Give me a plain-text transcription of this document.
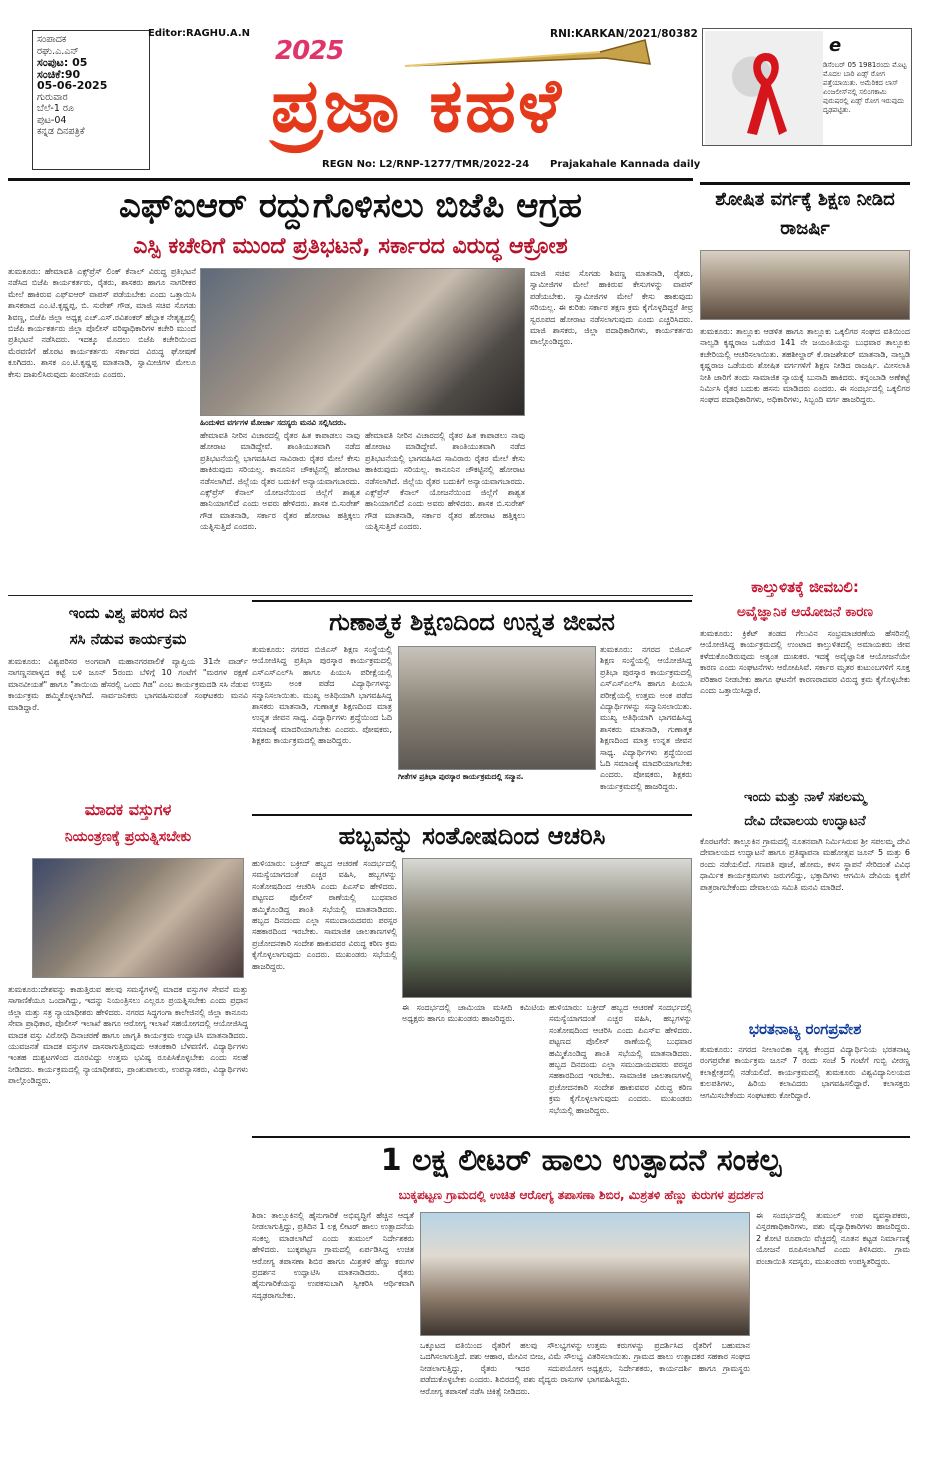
ಸಂಪಾದಕ
ರಘು.ಎ.ಎನ್
ಸಂಪುಟ: 05
ಸಂಚಿಕೆ:90
05-06-2025
ಗುರುವಾರ
ಬೆಲೆ-1 ರೂ
ಪುಟ-04
ಕನ್ನಡ ದಿನಪತ್ರಿಕೆ
Editor:RAGHU.A.N
2025
RNI:KARKAN/2021/80382
ಪ್ರಜಾ ಕಹಳೆ
REGN No: L2/RNP-1277/TMR/2022-24 Prajakahale Kannada daily
e
ಡಿಸೆಂಬರ್ 05 1981ರಂದು ಮೊಟ್ಟ ಮೊದಲ ಬಾರಿ ಏಡ್ಸ್ ರೋಗ ಪತ್ತೆಯಾಯಿತು. ಅಮೆರಿಕದ ಲಾಸ್ ಏಂಜಲೀಸ್‌ನಲ್ಲಿ ಸಲಿಂಗಕಾಮಿ ಪುರುಷರಲ್ಲಿ ಏಡ್ಸ್ ರೋಗ ಇರುವುದು ದೃಢಪಟ್ಟಿತು.
ಎಫ್‌ಐಆರ್ ರದ್ದುಗೊಳಿಸಲು ಬಿಜೆಪಿ ಆಗ್ರಹ
ಎಸ್ಪಿ ಕಚೇರಿಗೆ ಮುಂದೆ ಪ್ರತಿಭಟನೆ, ಸರ್ಕಾರದ ವಿರುದ್ಧ ಆಕ್ರೋಶ
ತುಮಕೂರು: ಹೇಮಾವತಿ ಎಕ್ಸ್‌ಪ್ರೆಸ್ ಲಿಂಕ್ ಕೆನಾಲ್ ವಿರುದ್ಧ ಪ್ರತಿಭಟನೆ ನಡೆಸಿದ ಬಿಜೆಪಿ ಕಾರ್ಯಕರ್ತರು, ರೈತರು, ಶಾಸಕರು ಹಾಗೂ ನಾಗರೀಕರ ಮೇಲೆ ಹಾಕಿರುವ ಎಫ್‌ಐಆರ್ ವಾಪಸ್ ಪಡೆಯಬೇಕು ಎಂದು ಒತ್ತಾಯಿಸಿ ಶಾಸಕರಾದ ಎಂ.ಟಿ.ಕೃಷ್ಣಪ್ಪ, ಬಿ. ಸುರೇಶ್ ಗೌಡ, ಮಾಜಿ ಸಚಿವ ಸೊಗಡು ಶಿವಣ್ಣ, ಬಿಜೆಪಿ ಜಿಲ್ಲಾ ಅಧ್ಯಕ್ಷ ಎಚ್.ಎಸ್.ರವಿಶಂಕರ್ ಹೆಬ್ಬಾಕ ನೇತೃತ್ವದಲ್ಲಿ ಬಿಜೆಪಿ ಕಾರ್ಯಕರ್ತರು ಜಿಲ್ಲಾ ಪೊಲೀಸ್ ವರಿಷ್ಠಾಧಿಕಾರಿಗಳ ಕಚೇರಿ ಮುಂದೆ ಪ್ರತಿಭಟನೆ ನಡೆಸಿದರು. ಇದಕ್ಕೂ ಮೊದಲು ಬಿಜೆಪಿ ಕಚೇರಿಯಿಂದ ಮೆರವಣಿಗೆ ಹೊರಟ ಕಾರ್ಯಕರ್ತರು ಸರ್ಕಾರದ ವಿರುದ್ಧ ಘೋಷಣೆ ಕೂಗಿದರು. ಶಾಸಕ ಎಂ.ಟಿ.ಕೃಷ್ಣಪ್ಪ ಮಾತನಾಡಿ, ಸ್ವಾಮೀಜಿಗಳ ಮೇಲೂ ಕೇಸು ದಾಖಲಿಸಿರುವುದು ಖಂಡನೀಯ ಎಂದರು.
ಹಿಂದುಳಿದ ವರ್ಗಗಳ ಮೋರ್ಚಾ ಸದಸ್ಯರು ಮನವಿ ಸಲ್ಲಿಸಿದರು.
ಹೇಮಾವತಿ ನೀರಿನ ವಿಚಾರದಲ್ಲಿ ರೈತರ ಹಿತ ಕಾಪಾಡಲು ನಾವು ಹೋರಾಟ ಮಾಡಿದ್ದೇವೆ. ಶಾಂತಿಯುತವಾಗಿ ನಡೆದ ಪ್ರತಿಭಟನೆಯಲ್ಲಿ ಭಾಗವಹಿಸಿದ ಸಾವಿರಾರು ರೈತರ ಮೇಲೆ ಕೇಸು ಹಾಕಿರುವುದು ಸರಿಯಲ್ಲ. ಕಾನೂನಿನ ಚೌಕಟ್ಟಿನಲ್ಲಿ ಹೋರಾಟ ನಡೆಸಲಾಗಿದೆ. ಜಿಲ್ಲೆಯ ರೈತರ ಬದುಕಿಗೆ ಅನ್ಯಾಯವಾಗಬಾರದು. ಎಕ್ಸ್‌ಪ್ರೆಸ್ ಕೆನಾಲ್ ಯೋಜನೆಯಿಂದ ಜಿಲ್ಲೆಗೆ ಶಾಶ್ವತ ಹಾನಿಯಾಗಲಿದೆ ಎಂದು ಅವರು ಹೇಳಿದರು. ಶಾಸಕ ಬಿ.ಸುರೇಶ್ ಗೌಡ ಮಾತನಾಡಿ, ಸರ್ಕಾರ ರೈತರ ಹೋರಾಟ ಹತ್ತಿಕ್ಕಲು ಯತ್ನಿಸುತ್ತಿದೆ ಎಂದರು.
ಹೇಮಾವತಿ ನೀರಿನ ವಿಚಾರದಲ್ಲಿ ರೈತರ ಹಿತ ಕಾಪಾಡಲು ನಾವು ಹೋರಾಟ ಮಾಡಿದ್ದೇವೆ. ಶಾಂತಿಯುತವಾಗಿ ನಡೆದ ಪ್ರತಿಭಟನೆಯಲ್ಲಿ ಭಾಗವಹಿಸಿದ ಸಾವಿರಾರು ರೈತರ ಮೇಲೆ ಕೇಸು ಹಾಕಿರುವುದು ಸರಿಯಲ್ಲ. ಕಾನೂನಿನ ಚೌಕಟ್ಟಿನಲ್ಲಿ ಹೋರಾಟ ನಡೆಸಲಾಗಿದೆ. ಜಿಲ್ಲೆಯ ರೈತರ ಬದುಕಿಗೆ ಅನ್ಯಾಯವಾಗಬಾರದು. ಎಕ್ಸ್‌ಪ್ರೆಸ್ ಕೆನಾಲ್ ಯೋಜನೆಯಿಂದ ಜಿಲ್ಲೆಗೆ ಶಾಶ್ವತ ಹಾನಿಯಾಗಲಿದೆ ಎಂದು ಅವರು ಹೇಳಿದರು. ಶಾಸಕ ಬಿ.ಸುರೇಶ್ ಗೌಡ ಮಾತನಾಡಿ, ಸರ್ಕಾರ ರೈತರ ಹೋರಾಟ ಹತ್ತಿಕ್ಕಲು ಯತ್ನಿಸುತ್ತಿದೆ ಎಂದರು.
ಮಾಜಿ ಸಚಿವ ಸೊಗಡು ಶಿವಣ್ಣ ಮಾತನಾಡಿ, ರೈತರು, ಸ್ವಾಮೀಜಿಗಳ ಮೇಲೆ ಹಾಕಿರುವ ಕೇಸುಗಳನ್ನು ವಾಪಸ್ ಪಡೆಯಬೇಕು. ಸ್ವಾಮೀಜಿಗಳ ಮೇಲೆ ಕೇಸು ಹಾಕುವುದು ಸರಿಯಲ್ಲ. ಈ ಕುರಿತು ಸರ್ಕಾರ ತಕ್ಷಣ ಕ್ರಮ ಕೈಗೊಳ್ಳದಿದ್ದರೆ ತೀವ್ರ ಸ್ವರೂಪದ ಹೋರಾಟ ನಡೆಸಲಾಗುವುದು ಎಂದು ಎಚ್ಚರಿಸಿದರು. ಮಾಜಿ ಶಾಸಕರು, ಜಿಲ್ಲಾ ಪದಾಧಿಕಾರಿಗಳು, ಕಾರ್ಯಕರ್ತರು ಪಾಲ್ಗೊಂಡಿದ್ದರು.
ಶೋಷಿತ ವರ್ಗಕ್ಕೆ ಶಿಕ್ಷಣ ನೀಡಿದ ರಾಜರ್ಷಿ
ತುಮಕೂರು: ತಾಲ್ಲೂಕು ಆಡಳಿತ ಹಾಗೂ ತಾಲ್ಲೂಕು ಒಕ್ಕಲಿಗರ ಸಂಘದ ವತಿಯಿಂದ ನಾಲ್ವಡಿ ಕೃಷ್ಣರಾಜ ಒಡೆಯರ 141 ನೇ ಜಯಂತಿಯನ್ನು ಬುಧವಾರ ತಾಲ್ಲೂಕು ಕಚೇರಿಯಲ್ಲಿ ಆಚರಿಸಲಾಯಿತು. ತಹಶೀಲ್ದಾರ್ ಕೆ.ರಾಜಶೇಖರ್ ಮಾತನಾಡಿ, ನಾಲ್ವಡಿ ಕೃಷ್ಣರಾಜ ಒಡೆಯರು ಶೋಷಿತ ವರ್ಗಗಳಿಗೆ ಶಿಕ್ಷಣ ನೀಡಿದ ರಾಜರ್ಷಿ. ಮೀಸಲಾತಿ ನೀತಿ ಜಾರಿಗೆ ತಂದು ಸಾಮಾಜಿಕ ನ್ಯಾಯಕ್ಕೆ ಬುನಾದಿ ಹಾಕಿದರು. ಕನ್ನಂಬಾಡಿ ಅಣೆಕಟ್ಟೆ ನಿರ್ಮಿಸಿ ರೈತರ ಬದುಕು ಹಸನು ಮಾಡಿದರು ಎಂದರು. ಈ ಸಂದರ್ಭದಲ್ಲಿ ಒಕ್ಕಲಿಗರ ಸಂಘದ ಪದಾಧಿಕಾರಿಗಳು, ಅಧಿಕಾರಿಗಳು, ಸಿಬ್ಬಂದಿ ವರ್ಗ ಹಾಜರಿದ್ದರು.
ಕಾಲ್ತುಳಿತಕ್ಕೆ ಜೀವಬಲಿ:
ಅವೈಜ್ಞಾನಿಕ ಆಯೋಜನೆ ಕಾರಣ
ತುಮಕೂರು: ಕ್ರಿಕೆಟ್ ತಂಡದ ಗೆಲುವಿನ ಸಂಭ್ರಮಾಚರಣೆಯ ಹೆಸರಿನಲ್ಲಿ ಆಯೋಜಿಸಿದ್ದ ಕಾರ್ಯಕ್ರಮದಲ್ಲಿ ಉಂಟಾದ ಕಾಲ್ತುಳಿತದಲ್ಲಿ ಅಮಾಯಕರು ಜೀವ ಕಳೆದುಕೊಂಡಿರುವುದು ಅತ್ಯಂತ ದುಃಖಕರ. ಇದಕ್ಕೆ ಅವೈಜ್ಞಾನಿಕ ಆಯೋಜನೆಯೇ ಕಾರಣ ಎಂದು ಸಂಘಟನೆಗಳು ಆರೋಪಿಸಿವೆ. ಸರ್ಕಾರ ಮೃತರ ಕುಟುಂಬಗಳಿಗೆ ಸೂಕ್ತ ಪರಿಹಾರ ನೀಡಬೇಕು ಹಾಗೂ ಘಟನೆಗೆ ಕಾರಣರಾದವರ ವಿರುದ್ಧ ಕ್ರಮ ಕೈಗೊಳ್ಳಬೇಕು ಎಂದು ಒತ್ತಾಯಿಸಿದ್ದಾರೆ.
ಇಂದು ಮತ್ತು ನಾಳೆ ಸಪಲಮ್ಮ
ದೇವಿ ದೇವಾಲಯ ಉದ್ಘಾಟನೆ
ಕೊರಟಗೆರೆ: ತಾಲ್ಲೂಕಿನ ಗ್ರಾಮದಲ್ಲಿ ನೂತನವಾಗಿ ನಿರ್ಮಿಸಿರುವ ಶ್ರೀ ಸಪಲಮ್ಮ ದೇವಿ ದೇವಾಲಯದ ಉದ್ಘಾಟನೆ ಹಾಗೂ ಪ್ರತಿಷ್ಠಾಪನಾ ಮಹೋತ್ಸವ ಜೂನ್ 5 ಮತ್ತು 6 ರಂದು ನಡೆಯಲಿದೆ. ಗಣಪತಿ ಪೂಜೆ, ಹೋಮ, ಕಳಸ ಸ್ಥಾಪನೆ ಸೇರಿದಂತೆ ವಿವಿಧ ಧಾರ್ಮಿಕ ಕಾರ್ಯಕ್ರಮಗಳು ಜರುಗಲಿದ್ದು, ಭಕ್ತಾದಿಗಳು ಆಗಮಿಸಿ ದೇವಿಯ ಕೃಪೆಗೆ ಪಾತ್ರರಾಗಬೇಕೆಂದು ದೇವಾಲಯ ಸಮಿತಿ ಮನವಿ ಮಾಡಿದೆ.
ಭರತನಾಟ್ಯ ರಂಗಪ್ರವೇಶ
ತುಮಕೂರು: ನಗರದ ನೀಲಾಂಬಿಕಾ ನೃತ್ಯ ಕೇಂದ್ರದ ವಿದ್ಯಾರ್ಥಿನಿಯ ಭರತನಾಟ್ಯ ರಂಗಪ್ರವೇಶ ಕಾರ್ಯಕ್ರಮ ಜೂನ್ 7 ರಂದು ಸಂಜೆ 5 ಗಂಟೆಗೆ ಗುಬ್ಬಿ ವೀರಣ್ಣ ಕಲಾಕ್ಷೇತ್ರದಲ್ಲಿ ನಡೆಯಲಿದೆ. ಕಾರ್ಯಕ್ರಮದಲ್ಲಿ ತುಮಕೂರು ವಿಶ್ವವಿದ್ಯಾನಿಲಯದ ಕುಲಪತಿಗಳು, ಹಿರಿಯ ಕಲಾವಿದರು ಭಾಗವಹಿಸಲಿದ್ದಾರೆ. ಕಲಾಸಕ್ತರು ಆಗಮಿಸಬೇಕೆಂದು ಸಂಘಟಕರು ಕೋರಿದ್ದಾರೆ.
ಇಂದು ವಿಶ್ವ ಪರಿಸರ ದಿನ
ಸಸಿ ನೆಡುವ ಕಾರ್ಯಕ್ರಮ
ತುಮಕೂರು: ವಿಶ್ವಪರಿಸರ ಅಂಗವಾಗಿ ಮಹಾನಗರಪಾಲಿಕೆ ವ್ಯಾಪ್ತಿಯ 31ನೇ ವಾರ್ಡ್ ನಾಗಣ್ಣನಪಾಳ್ಯದ ಕಟ್ಟೆ ಬಳಿ ಜೂನ್ 5ರಂದು ಬೆಳಿಗ್ಗೆ 10 ಗಂಟೆಗೆ "ಮರಗಳ ರಕ್ಷಣೆ ಮಾನವೀಯತೆ" ಹಾಗೂ "ತಾಯಿಯ ಹೆಸರಲ್ಲಿ ಒಂದು ಗಿಡ" ಎಂಬ ಕಾರ್ಯಕ್ರಮದಡಿ ಸಸಿ ನೆಡುವ ಕಾರ್ಯಕ್ರಮ ಹಮ್ಮಿಕೊಳ್ಳಲಾಗಿದೆ. ಸಾರ್ವಜನಿಕರು ಭಾಗವಹಿಸುವಂತೆ ಸಂಘಟಕರು ಮನವಿ ಮಾಡಿದ್ದಾರೆ.
ಮಾದಕ ವಸ್ತುಗಳ
ನಿಯಂತ್ರಣಕ್ಕೆ ಪ್ರಯತ್ನಿಸಬೇಕು
ತುಮಕೂರು:ದೇಶವನ್ನು ಕಾಡುತ್ತಿರುವ ಹಲವು ಸಮಸ್ಯೆಗಳಲ್ಲಿ ಮಾದಕ ವಸ್ತುಗಳ ಸೇವನೆ ಮತ್ತು ಸಾಗಾಣಿಕೆಯೂ ಒಂದಾಗಿದ್ದು, ಇದನ್ನು ನಿಯಂತ್ರಿಸಲು ಎಲ್ಲರೂ ಪ್ರಯತ್ನಿಸಬೇಕು ಎಂದು ಪ್ರಧಾನ ಜಿಲ್ಲಾ ಮತ್ತು ಸತ್ರ ನ್ಯಾಯಾಧೀಶರು ಹೇಳಿದರು. ನಗರದ ಸಿದ್ಧಗಂಗಾ ಕಾಲೇಜಿನಲ್ಲಿ ಜಿಲ್ಲಾ ಕಾನೂನು ಸೇವಾ ಪ್ರಾಧಿಕಾರ, ಪೊಲೀಸ್ ಇಲಾಖೆ ಹಾಗೂ ಆರೋಗ್ಯ ಇಲಾಖೆ ಸಹಯೋಗದಲ್ಲಿ ಆಯೋಜಿಸಿದ್ದ ಮಾದಕ ವಸ್ತು ವಿರೋಧಿ ದಿನಾಚರಣೆ ಹಾಗೂ ಜಾಗೃತಿ ಕಾರ್ಯಕ್ರಮ ಉದ್ಘಾಟಿಸಿ ಮಾತನಾಡಿದರು. ಯುವಜನತೆ ಮಾದಕ ವಸ್ತುಗಳ ದಾಸರಾಗುತ್ತಿರುವುದು ಆತಂಕಕಾರಿ ಬೆಳವಣಿಗೆ. ವಿದ್ಯಾರ್ಥಿಗಳು ಇಂತಹ ದುಶ್ಚಟಗಳಿಂದ ದೂರವಿದ್ದು ಉತ್ತಮ ಭವಿಷ್ಯ ರೂಪಿಸಿಕೊಳ್ಳಬೇಕು ಎಂದು ಸಲಹೆ ನೀಡಿದರು. ಕಾರ್ಯಕ್ರಮದಲ್ಲಿ ನ್ಯಾಯಾಧೀಶರು, ಪ್ರಾಂಶುಪಾಲರು, ಉಪನ್ಯಾಸಕರು, ವಿದ್ಯಾರ್ಥಿಗಳು ಪಾಲ್ಗೊಂಡಿದ್ದರು.
ಗುಣಾತ್ಮಕ ಶಿಕ್ಷಣದಿಂದ ಉನ್ನತ ಜೀವನ
ತುಮಕೂರು: ನಗರದ ಬಿಜಿಎಸ್ ಶಿಕ್ಷಣ ಸಂಸ್ಥೆಯಲ್ಲಿ ಆಯೋಜಿಸಿದ್ದ ಪ್ರತಿಭಾ ಪುರಸ್ಕಾರ ಕಾರ್ಯಕ್ರಮದಲ್ಲಿ ಎಸ್‌ಎಸ್‌ಎಲ್‌ಸಿ ಹಾಗೂ ಪಿಯುಸಿ ಪರೀಕ್ಷೆಯಲ್ಲಿ ಉತ್ತಮ ಅಂಕ ಪಡೆದ ವಿದ್ಯಾರ್ಥಿಗಳನ್ನು ಸನ್ಮಾನಿಸಲಾಯಿತು. ಮುಖ್ಯ ಅತಿಥಿಯಾಗಿ ಭಾಗವಹಿಸಿದ್ದ ಶಾಸಕರು ಮಾತನಾಡಿ, ಗುಣಾತ್ಮಕ ಶಿಕ್ಷಣದಿಂದ ಮಾತ್ರ ಉನ್ನತ ಜೀವನ ಸಾಧ್ಯ. ವಿದ್ಯಾರ್ಥಿಗಳು ಶ್ರದ್ಧೆಯಿಂದ ಓದಿ ಸಮಾಜಕ್ಕೆ ಮಾದರಿಯಾಗಬೇಕು ಎಂದರು. ಪೋಷಕರು, ಶಿಕ್ಷಕರು ಕಾರ್ಯಕ್ರಮದಲ್ಲಿ ಹಾಜರಿದ್ದರು.
ಗೀತೆಗಳ ಪ್ರತಿಭಾ ಪುರಸ್ಕಾರ ಕಾರ್ಯಕ್ರಮದಲ್ಲಿ ಸನ್ಮಾನ.
ತುಮಕೂರು: ನಗರದ ಬಿಜಿಎಸ್ ಶಿಕ್ಷಣ ಸಂಸ್ಥೆಯಲ್ಲಿ ಆಯೋಜಿಸಿದ್ದ ಪ್ರತಿಭಾ ಪುರಸ್ಕಾರ ಕಾರ್ಯಕ್ರಮದಲ್ಲಿ ಎಸ್‌ಎಸ್‌ಎಲ್‌ಸಿ ಹಾಗೂ ಪಿಯುಸಿ ಪರೀಕ್ಷೆಯಲ್ಲಿ ಉತ್ತಮ ಅಂಕ ಪಡೆದ ವಿದ್ಯಾರ್ಥಿಗಳನ್ನು ಸನ್ಮಾನಿಸಲಾಯಿತು. ಮುಖ್ಯ ಅತಿಥಿಯಾಗಿ ಭಾಗವಹಿಸಿದ್ದ ಶಾಸಕರು ಮಾತನಾಡಿ, ಗುಣಾತ್ಮಕ ಶಿಕ್ಷಣದಿಂದ ಮಾತ್ರ ಉನ್ನತ ಜೀವನ ಸಾಧ್ಯ. ವಿದ್ಯಾರ್ಥಿಗಳು ಶ್ರದ್ಧೆಯಿಂದ ಓದಿ ಸಮಾಜಕ್ಕೆ ಮಾದರಿಯಾಗಬೇಕು ಎಂದರು. ಪೋಷಕರು, ಶಿಕ್ಷಕರು ಕಾರ್ಯಕ್ರಮದಲ್ಲಿ ಹಾಜರಿದ್ದರು.
ಹಬ್ಬವನ್ನು ಸಂತೋಷದಿಂದ ಆಚರಿಸಿ
ಹುಳಿಯಾರು: ಬಕ್ರೀದ್ ಹಬ್ಬದ ಆಚರಣೆ ಸಂದರ್ಭದಲ್ಲಿ ಸಮಸ್ಯೆಯಾಗದಂತೆ ಎಚ್ಚರ ವಹಿಸಿ, ಹಬ್ಬಗಳನ್ನು ಸಂತೋಷದಿಂದ ಆಚರಿಸಿ ಎಂದು ಪಿಎಸ್‌ಐ ಹೇಳಿದರು. ಪಟ್ಟಣದ ಪೊಲೀಸ್ ಠಾಣೆಯಲ್ಲಿ ಬುಧವಾರ ಹಮ್ಮಿಕೊಂಡಿದ್ದ ಶಾಂತಿ ಸಭೆಯಲ್ಲಿ ಮಾತನಾಡಿದರು. ಹಬ್ಬದ ದಿನದಂದು ಎಲ್ಲಾ ಸಮುದಾಯದವರು ಪರಸ್ಪರ ಸಹಕಾರದಿಂದ ಇರಬೇಕು. ಸಾಮಾಜಿಕ ಜಾಲತಾಣಗಳಲ್ಲಿ ಪ್ರಚೋದನಕಾರಿ ಸಂದೇಶ ಹಾಕುವವರ ವಿರುದ್ಧ ಕಠಿಣ ಕ್ರಮ ಕೈಗೊಳ್ಳಲಾಗುವುದು ಎಂದರು. ಮುಖಂಡರು ಸಭೆಯಲ್ಲಿ ಹಾಜರಿದ್ದರು.
ಈ ಸಂದರ್ಭದಲ್ಲಿ ಜಾಮಿಯಾ ಮಸೀದಿ ಕಮಿಟಿಯ ಅಧ್ಯಕ್ಷರು ಹಾಗೂ ಮುಖಂಡರು ಹಾಜರಿದ್ದರು.
ಹುಳಿಯಾರು: ಬಕ್ರೀದ್ ಹಬ್ಬದ ಆಚರಣೆ ಸಂದರ್ಭದಲ್ಲಿ ಸಮಸ್ಯೆಯಾಗದಂತೆ ಎಚ್ಚರ ವಹಿಸಿ, ಹಬ್ಬಗಳನ್ನು ಸಂತೋಷದಿಂದ ಆಚರಿಸಿ ಎಂದು ಪಿಎಸ್‌ಐ ಹೇಳಿದರು. ಪಟ್ಟಣದ ಪೊಲೀಸ್ ಠಾಣೆಯಲ್ಲಿ ಬುಧವಾರ ಹಮ್ಮಿಕೊಂಡಿದ್ದ ಶಾಂತಿ ಸಭೆಯಲ್ಲಿ ಮಾತನಾಡಿದರು. ಹಬ್ಬದ ದಿನದಂದು ಎಲ್ಲಾ ಸಮುದಾಯದವರು ಪರಸ್ಪರ ಸಹಕಾರದಿಂದ ಇರಬೇಕು. ಸಾಮಾಜಿಕ ಜಾಲತಾಣಗಳಲ್ಲಿ ಪ್ರಚೋದನಕಾರಿ ಸಂದೇಶ ಹಾಕುವವರ ವಿರುದ್ಧ ಕಠಿಣ ಕ್ರಮ ಕೈಗೊಳ್ಳಲಾಗುವುದು ಎಂದರು. ಮುಖಂಡರು ಸಭೆಯಲ್ಲಿ ಹಾಜರಿದ್ದರು.
1 ಲಕ್ಷ ಲೀಟರ್ ಹಾಲು ಉತ್ಪಾದನೆ ಸಂಕಲ್ಪ
ಬುಕ್ಕಪಟ್ಟಣ ಗ್ರಾಮದಲ್ಲಿ ಉಚಿತ ಆರೋಗ್ಯ ತಪಾಸಣಾ ಶಿಬಿರ, ಮಿಶ್ರತಳಿ ಹೆಣ್ಣು ಕುರುಗಳ ಪ್ರದರ್ಶನ
ಶಿರಾ: ತಾಲ್ಲೂಕಿನಲ್ಲಿ ಹೈನುಗಾರಿಕೆ ಅಭಿವೃದ್ಧಿಗೆ ಹೆಚ್ಚಿನ ಆದ್ಯತೆ ನೀಡಲಾಗುತ್ತಿದ್ದು, ಪ್ರತಿದಿನ 1 ಲಕ್ಷ ಲೀಟರ್ ಹಾಲು ಉತ್ಪಾದನೆಯ ಸಂಕಲ್ಪ ಮಾಡಲಾಗಿದೆ ಎಂದು ತುಮುಲ್ ನಿರ್ದೇಶಕರು ಹೇಳಿದರು. ಬುಕ್ಕಪಟ್ಟಣ ಗ್ರಾಮದಲ್ಲಿ ಏರ್ಪಡಿಸಿದ್ದ ಉಚಿತ ಆರೋಗ್ಯ ತಪಾಸಣಾ ಶಿಬಿರ ಹಾಗೂ ಮಿಶ್ರತಳಿ ಹೆಣ್ಣು ಕರುಗಳ ಪ್ರದರ್ಶನ ಉದ್ಘಾಟಿಸಿ ಮಾತನಾಡಿದರು. ರೈತರು ಹೈನುಗಾರಿಕೆಯನ್ನು ಉಪಕಸುಬಾಗಿ ಸ್ವೀಕರಿಸಿ ಆರ್ಥಿಕವಾಗಿ ಸದೃಢರಾಗಬೇಕು.
ಒಕ್ಕೂಟದ ವತಿಯಿಂದ ರೈತರಿಗೆ ಹಲವು ಸೌಲಭ್ಯಗಳನ್ನು ಒದಗಿಸಲಾಗುತ್ತಿದೆ. ಪಶು ಆಹಾರ, ಮೇವಿನ ಬೀಜ, ವಿಮೆ ಸೌಲಭ್ಯ ನೀಡಲಾಗುತ್ತಿದ್ದು, ರೈತರು ಇದರ ಸದುಪಯೋಗ ಪಡೆದುಕೊಳ್ಳಬೇಕು ಎಂದರು. ಶಿಬಿರದಲ್ಲಿ ಪಶು ವೈದ್ಯರು ರಾಸುಗಳ ಆರೋಗ್ಯ ತಪಾಸಣೆ ನಡೆಸಿ ಚಿಕಿತ್ಸೆ ನೀಡಿದರು.
ಉತ್ತಮ ಕರುಗಳನ್ನು ಪ್ರದರ್ಶಿಸಿದ ರೈತರಿಗೆ ಬಹುಮಾನ ವಿತರಿಸಲಾಯಿತು. ಗ್ರಾಮದ ಹಾಲು ಉತ್ಪಾದಕರ ಸಹಕಾರ ಸಂಘದ ಅಧ್ಯಕ್ಷರು, ನಿರ್ದೇಶಕರು, ಕಾರ್ಯದರ್ಶಿ ಹಾಗೂ ಗ್ರಾಮಸ್ಥರು ಭಾಗವಹಿಸಿದ್ದರು.
ಈ ಸಂದರ್ಭದಲ್ಲಿ ತುಮುಲ್ ಉಪ ವ್ಯವಸ್ಥಾಪಕರು, ವಿಸ್ತರಣಾಧಿಕಾರಿಗಳು, ಪಶು ವೈದ್ಯಾಧಿಕಾರಿಗಳು ಹಾಜರಿದ್ದರು. 2 ಕೋಟಿ ರೂಪಾಯಿ ವೆಚ್ಚದಲ್ಲಿ ನೂತನ ಕಟ್ಟಡ ನಿರ್ಮಾಣಕ್ಕೆ ಯೋಜನೆ ರೂಪಿಸಲಾಗಿದೆ ಎಂದು ತಿಳಿಸಿದರು. ಗ್ರಾಮ ಪಂಚಾಯಿತಿ ಸದಸ್ಯರು, ಮುಖಂಡರು ಉಪಸ್ಥಿತರಿದ್ದರು.
